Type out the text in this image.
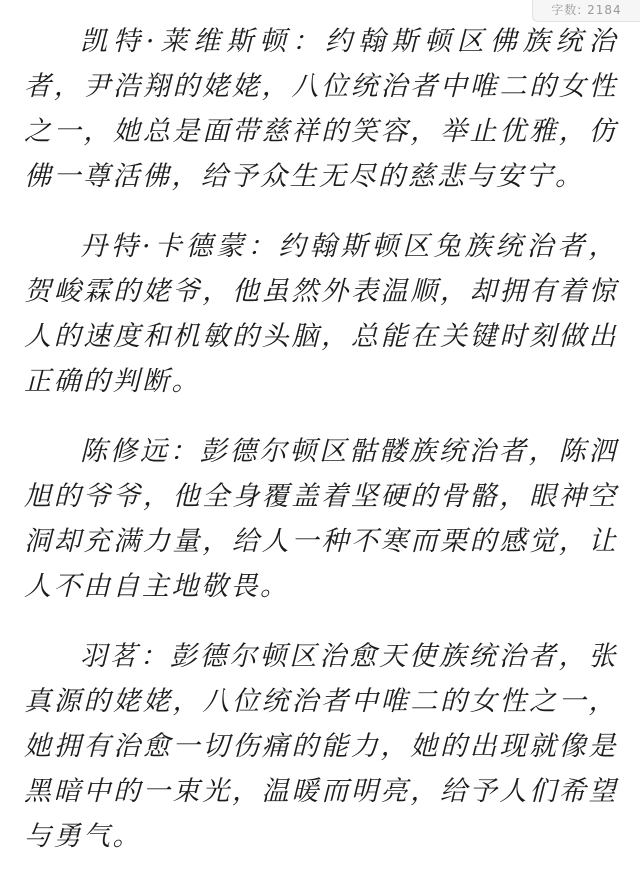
字数: 2184

凯特·莱维斯顿：约翰斯顿区佛族统治者，尹浩翔的姥姥，八位统治者中唯二的女性之一，她总是面带慈祥的笑容，举止优雅，仿佛一尊活佛，给予众生无尽的慈悲与安宁。

丹特·卡德蒙：约翰斯顿区兔族统治者，贺峻霖的姥爷，他虽然外表温顺，却拥有着惊人的速度和机敏的头脑，总能在关键时刻做出正确的判断。

陈修远：彭德尔顿区骷髅族统治者，陈泗旭的爷爷，他全身覆盖着坚硬的骨骼，眼神空洞却充满力量，给人一种不寒而栗的感觉，让人不由自主地敬畏。

羽茗：彭德尔顿区治愈天使族统治者，张真源的姥姥，八位统治者中唯二的女性之一，她拥有治愈一切伤痛的能力，她的出现就像是黑暗中的一束光，温暖而明亮，给予人们希望与勇气。
